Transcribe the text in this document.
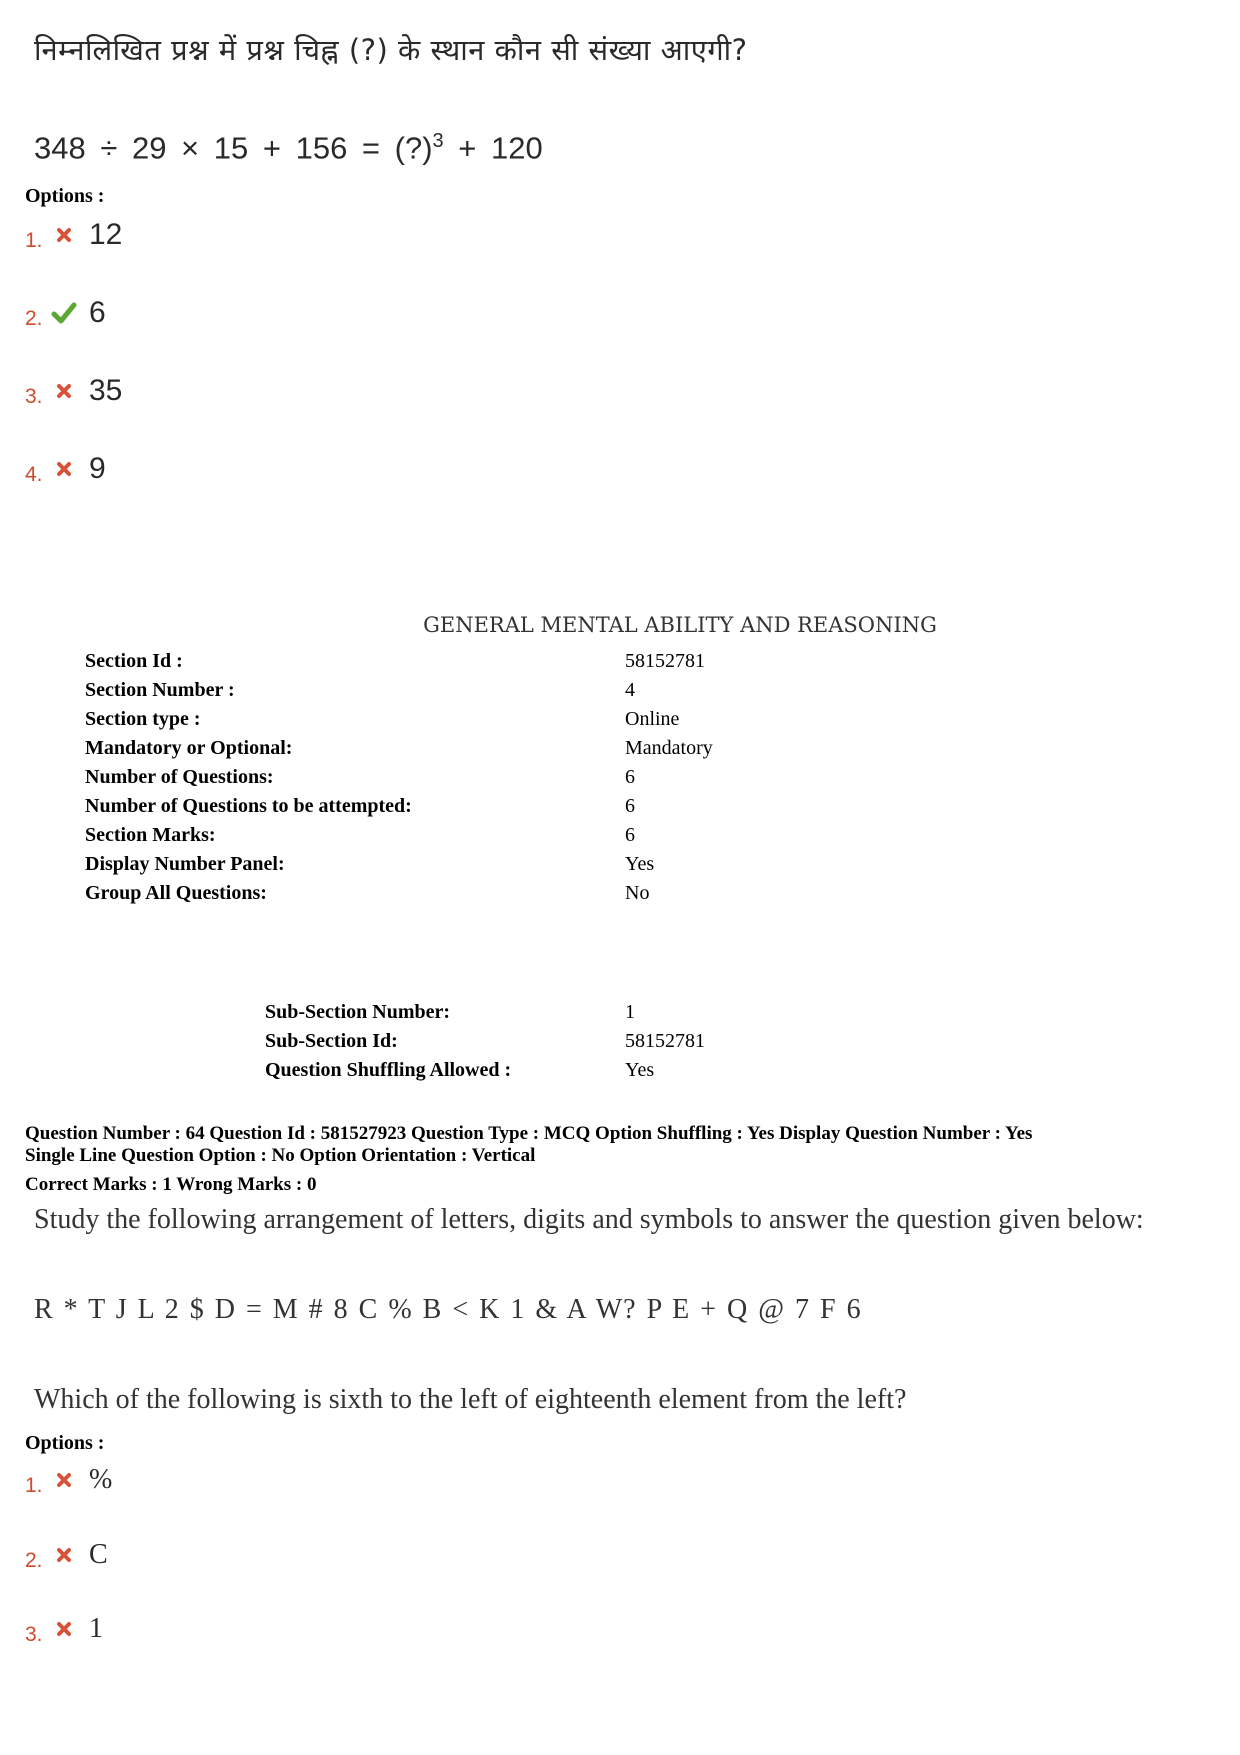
निम्नलिखित प्रश्न में प्रश्न चिह्न (?) के स्थान कौन सी संख्या आएगी?
348 ÷ 29 × 15 + 156 = (?)$^3$ + 120
Options :
1. 12
2. 6
3. 35
4. 9
GENERAL MENTAL ABILITY AND REASONING
Section Id :	58152781
Section Number :	4
Section type :	Online
Mandatory or Optional:	Mandatory
Number of Questions:	6
Number of Questions to be attempted:	6
Section Marks:	6
Display Number Panel:	Yes
Group All Questions:	No
Sub-Section Number:	1
Sub-Section Id:	58152781
Question Shuffling Allowed :	Yes
Question Number : 64 Question Id : 581527923 Question Type : MCQ Option Shuffling : Yes Display Question Number : Yes
Single Line Question Option : No Option Orientation : Vertical
Correct Marks : 1 Wrong Marks : 0
Study the following arrangement of letters, digits and symbols to answer the question given below:
R * T J L 2 $ D = M # 8 C % B < K 1 & A W? P E + Q @ 7 F 6
Which of the following is sixth to the left of eighteenth element from the left?
Options :
1. %
2. C
3. 1
